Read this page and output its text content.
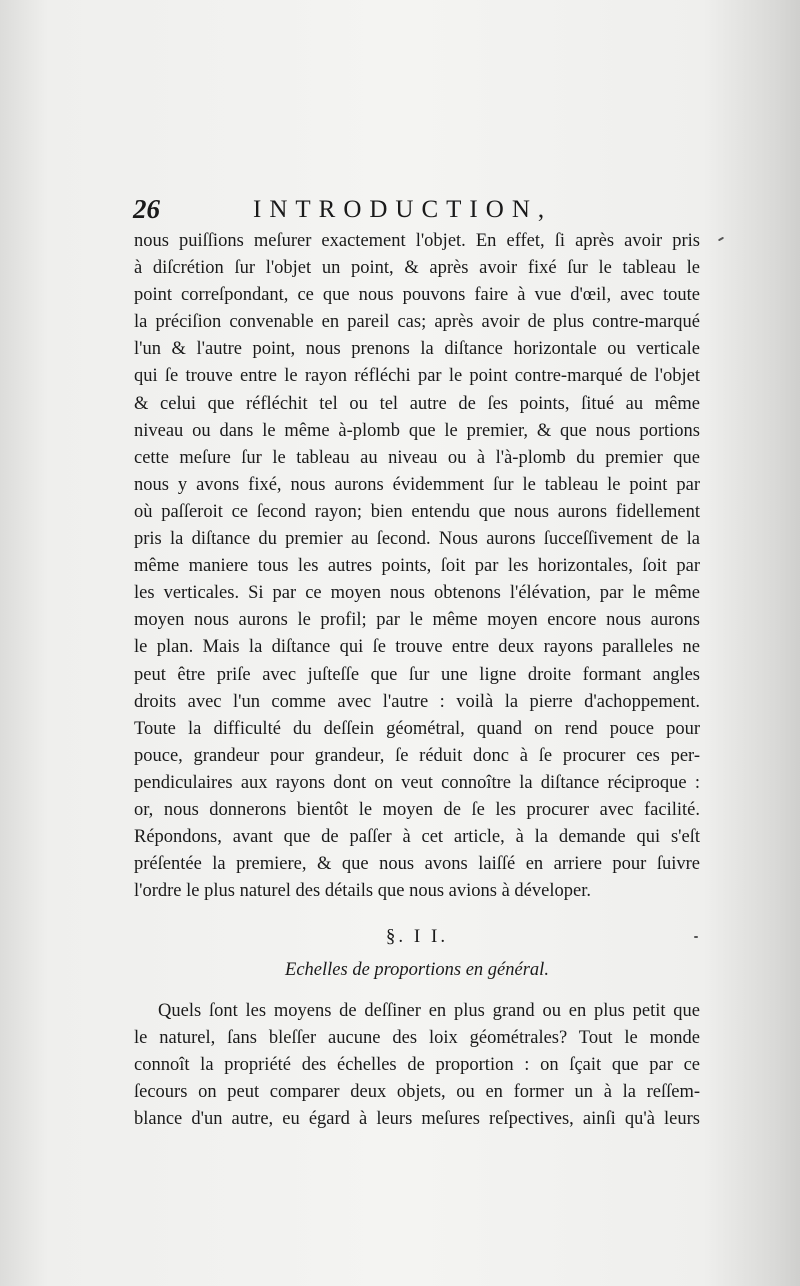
26	INTRODUCTION,
nous puiſſions meſurer exactement l'objet. En effet, ſi après avoir pris
à diſcrétion ſur l'objet un point, & après avoir fixé ſur le tableau le
point correſpondant, ce que nous pouvons faire à vue d'œil, avec toute
la préciſion convenable en pareil cas; après avoir de plus contre-marqué
l'un & l'autre point, nous prenons la diſtance horizontale ou verticale
qui ſe trouve entre le rayon réfléchi par le point contre-marqué de l'objet
& celui que réfléchit tel ou tel autre de ſes points, ſitué au même
niveau ou dans le même à-plomb que le premier, & que nous portions
cette meſure ſur le tableau au niveau ou à l'à-plomb du premier que
nous y avons fixé, nous aurons évidemment ſur le tableau le point par
où paſſeroit ce ſecond rayon; bien entendu que nous aurons fidellement
pris la diſtance du premier au ſecond. Nous aurons ſucceſſivement de la
même maniere tous les autres points, ſoit par les horizontales, ſoit par
les verticales. Si par ce moyen nous obtenons l'élévation, par le même
moyen nous aurons le profil; par le même moyen encore nous aurons
le plan. Mais la diſtance qui ſe trouve entre deux rayons paralleles ne
peut être priſe avec juſteſſe que ſur une ligne droite formant angles
droits avec l'un comme avec l'autre : voilà la pierre d'achoppement.
Toute la difficulté du deſſein géométral, quand on rend pouce pour
pouce, grandeur pour grandeur, ſe réduit donc à ſe procurer ces per-
pendiculaires aux rayons dont on veut connoître la diſtance réciproque :
or, nous donnerons bientôt le moyen de ſe les procurer avec facilité.
Répondons, avant que de paſſer à cet article, à la demande qui s'eſt
préſentée la premiere, & que nous avons laiſſé en arriere pour ſuivre
l'ordre le plus naturel des détails que nous avions à déveloper.
§. I I.
Echelles de proportions en général.
Quels ſont les moyens de deſſiner en plus grand ou en plus petit que
le naturel, ſans bleſſer aucune des loix géométrales? Tout le monde
connoît la propriété des échelles de proportion : on ſçait que par ce
ſecours on peut comparer deux objets, ou en former un à la reſſem-
blance d'un autre, eu égard à leurs meſures reſpectives, ainſi qu'à leurs
